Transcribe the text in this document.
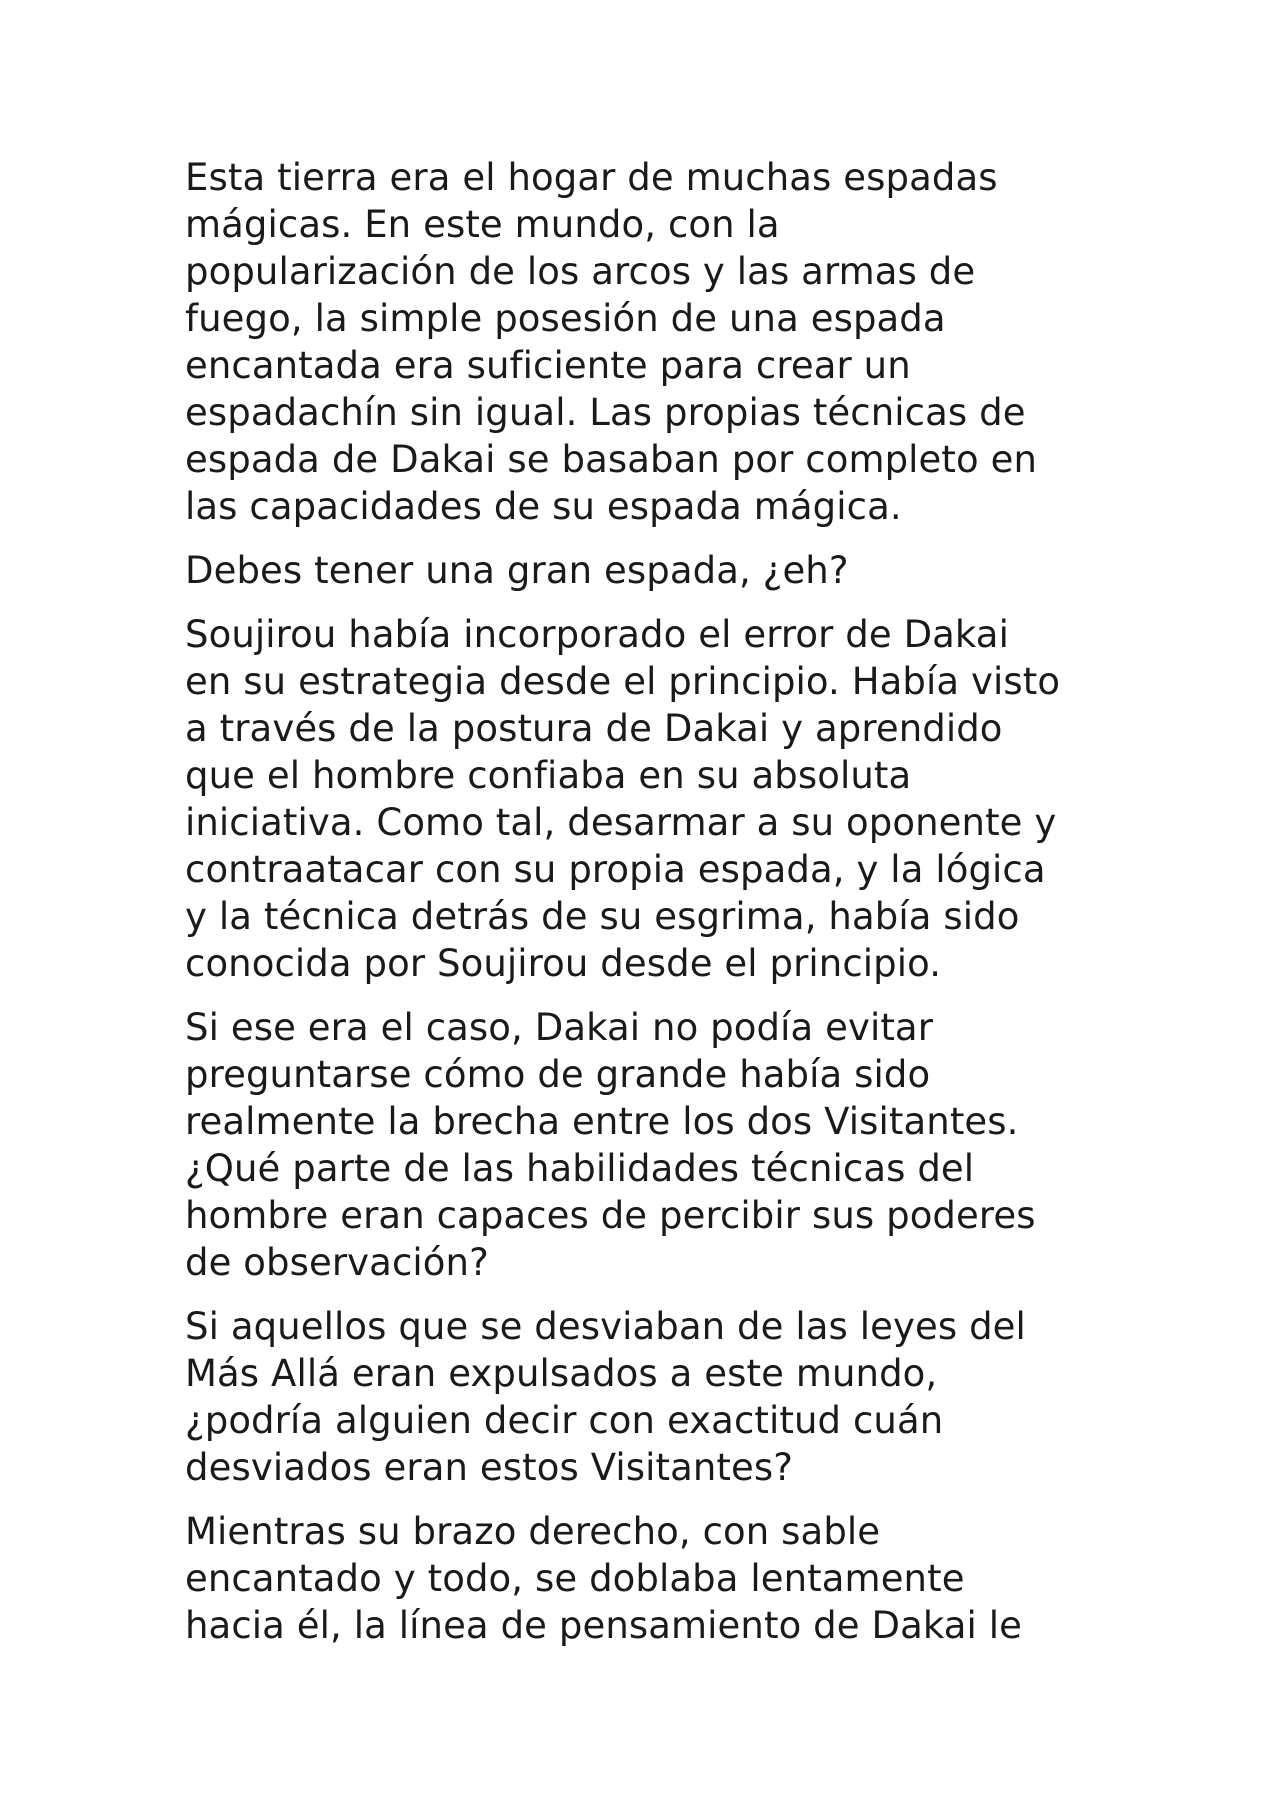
Esta tierra era el hogar de muchas espadas
mágicas. En este mundo, con la
popularización de los arcos y las armas de
fuego, la simple posesión de una espada
encantada era suficiente para crear un
espadachín sin igual. Las propias técnicas de
espada de Dakai se basaban por completo en
las capacidades de su espada mágica.

Debes tener una gran espada, ¿eh?

Soujirou había incorporado el error de Dakai
en su estrategia desde el principio. Había visto
a través de la postura de Dakai y aprendido
que el hombre confiaba en su absoluta
iniciativa. Como tal, desarmar a su oponente y
contraatacar con su propia espada, y la lógica
y la técnica detrás de su esgrima, había sido
conocida por Soujirou desde el principio.

Si ese era el caso, Dakai no podía evitar
preguntarse cómo de grande había sido
realmente la brecha entre los dos Visitantes.
¿Qué parte de las habilidades técnicas del
hombre eran capaces de percibir sus poderes
de observación?

Si aquellos que se desviaban de las leyes del
Más Allá eran expulsados a este mundo,
¿podría alguien decir con exactitud cuán
desviados eran estos Visitantes?

Mientras su brazo derecho, con sable
encantado y todo, se doblaba lentamente
hacia él, la línea de pensamiento de Dakai le
